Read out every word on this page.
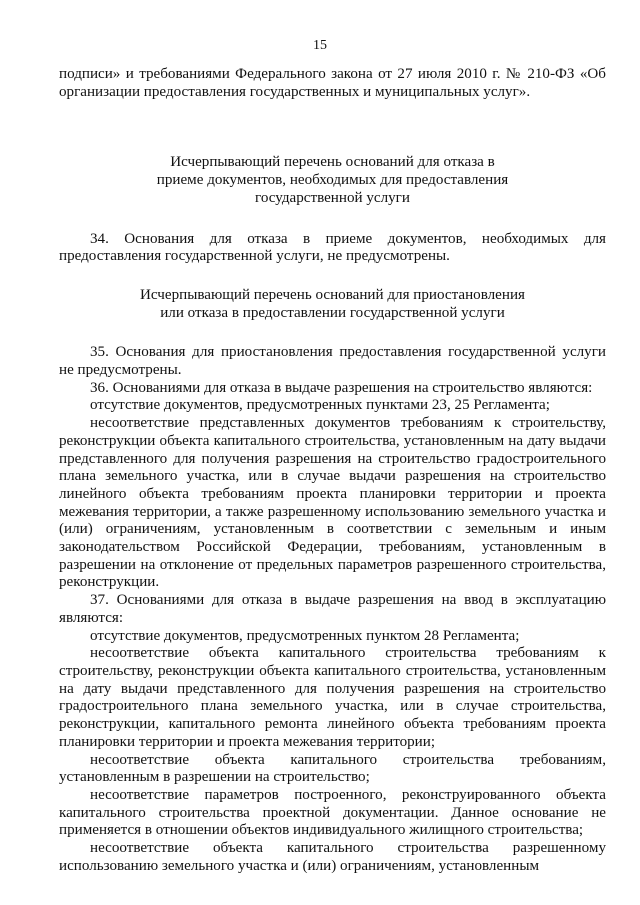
15

подписи» и требованиями Федерального закона от 27 июля 2010 г. № 210-ФЗ «Об организации предоставления государственных и муниципальных услуг».

Исчерпывающий перечень оснований для отказа в приеме документов, необходимых для предоставления государственной услуги

34. Основания для отказа в приеме документов, необходимых для предоставления государственной услуги, не предусмотрены.

Исчерпывающий перечень оснований для приостановления или отказа в предоставлении государственной услуги

35. Основания для приостановления предоставления государственной услуги не предусмотрены.

36. Основаниями для отказа в выдаче разрешения на строительство являются:

отсутствие документов, предусмотренных пунктами 23, 25 Регламента;

несоответствие представленных документов требованиям к строительству, реконструкции объекта капитального строительства, установленным на дату выдачи представленного для получения разрешения на строительство градостроительного плана земельного участка, или в случае выдачи разрешения на строительство линейного объекта требованиям проекта планировки территории и проекта межевания территории, а также разрешенному использованию земельного участка и (или) ограничениям, установленным в соответствии с земельным и иным законодательством Российской Федерации, требованиям, установленным в разрешении на отклонение от предельных параметров разрешенного строительства, реконструкции.

37. Основаниями для отказа в выдаче разрешения на ввод в эксплуатацию являются:

отсутствие документов, предусмотренных пунктом 28 Регламента;

несоответствие объекта капитального строительства требованиям к строительству, реконструкции объекта капитального строительства, установленным на дату выдачи представленного для получения разрешения на строительство градостроительного плана земельного участка, или в случае строительства, реконструкции, капитального ремонта линейного объекта требованиям проекта планировки территории и проекта межевания территории;

несоответствие объекта капитального строительства требованиям, установленным в разрешении на строительство;

несоответствие параметров построенного, реконструированного объекта капитального строительства проектной документации. Данное основание не применяется в отношении объектов индивидуального жилищного строительства;

несоответствие объекта капитального строительства разрешенному использованию земельного участка и (или) ограничениям, установленным
